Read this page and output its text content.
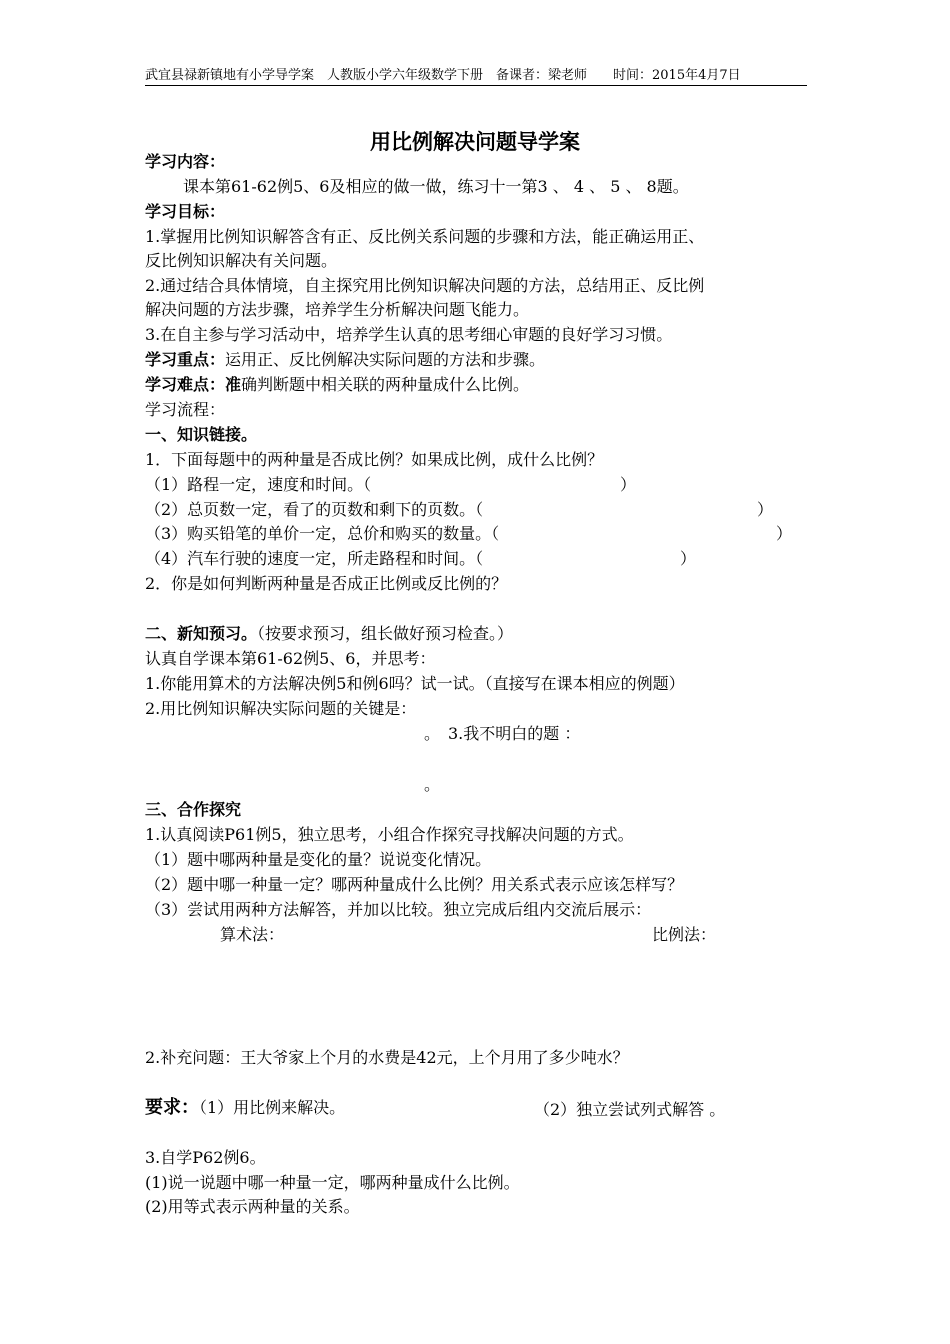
武宜县禄新镇地有小学导学案　人教版小学六年级数学下册　备课者：梁老师　　时间：2015年4月7日
用比例解决问题导学案
学习内容：
课本第61-62例5、6及相应的做一做，练习十一第3 、 4 、 5 、 8题。
学习目标：
1.掌握用比例知识解答含有正、反比例关系问题的步骤和方法，能正确运用正、
反比例知识解决有关问题。
2.通过结合具体情境，自主探究用比例知识解决问题的方法，总结用正、反比例
解决问题的方法步骤，培养学生分析解决问题飞能力。
3.在自主参与学习活动中，培养学生认真的思考细心审题的良好学习习惯。
学习重点：运用正、反比例解决实际问题的方法和步骤。
学习难点：准确判断题中相关联的两种量成什么比例。
学习流程：
一、知识链接。
1．下面每题中的两种量是否成比例？如果成比例，成什么比例？
（1）路程一定，速度和时间。（	）
（2）总页数一定，看了的页数和剩下的页数。（	）
（3）购买铅笔的单价一定，总价和购买的数量。（	）
（4）汽车行驶的速度一定，所走路程和时间。（	）
2．你是如何判断两种量是否成正比例或反比例的？
二、新知预习。（按要求预习，组长做好预习检查。）
认真自学课本第61-62例5、6，并思考：
1.你能用算术的方法解决例5和例6吗？试一试。（直接写在课本相应的例题）
2.用比例知识解决实际问题的关键是：
。　3.我不明白的题 ：
。
三、合作探究
1.认真阅读P61例5，独立思考，小组合作探究寻找解决问题的方式。
（1）题中哪两种量是变化的量？说说变化情况。
（2）题中哪一种量一定？哪两种量成什么比例？用关系式表示应该怎样写？
（3）尝试用两种方法解答，并加以比较。独立完成后组内交流后展示：
算术法：	比例法：
2.补充问题：王大爷家上个月的水费是42元，上个月用了多少吨水？
要求：（1）用比例来解决。	（2）独立尝试列式解答 。
3.自学P62例6。
(1)说一说题中哪一种量一定，哪两种量成什么比例。
(2)用等式表示两种量的关系。
